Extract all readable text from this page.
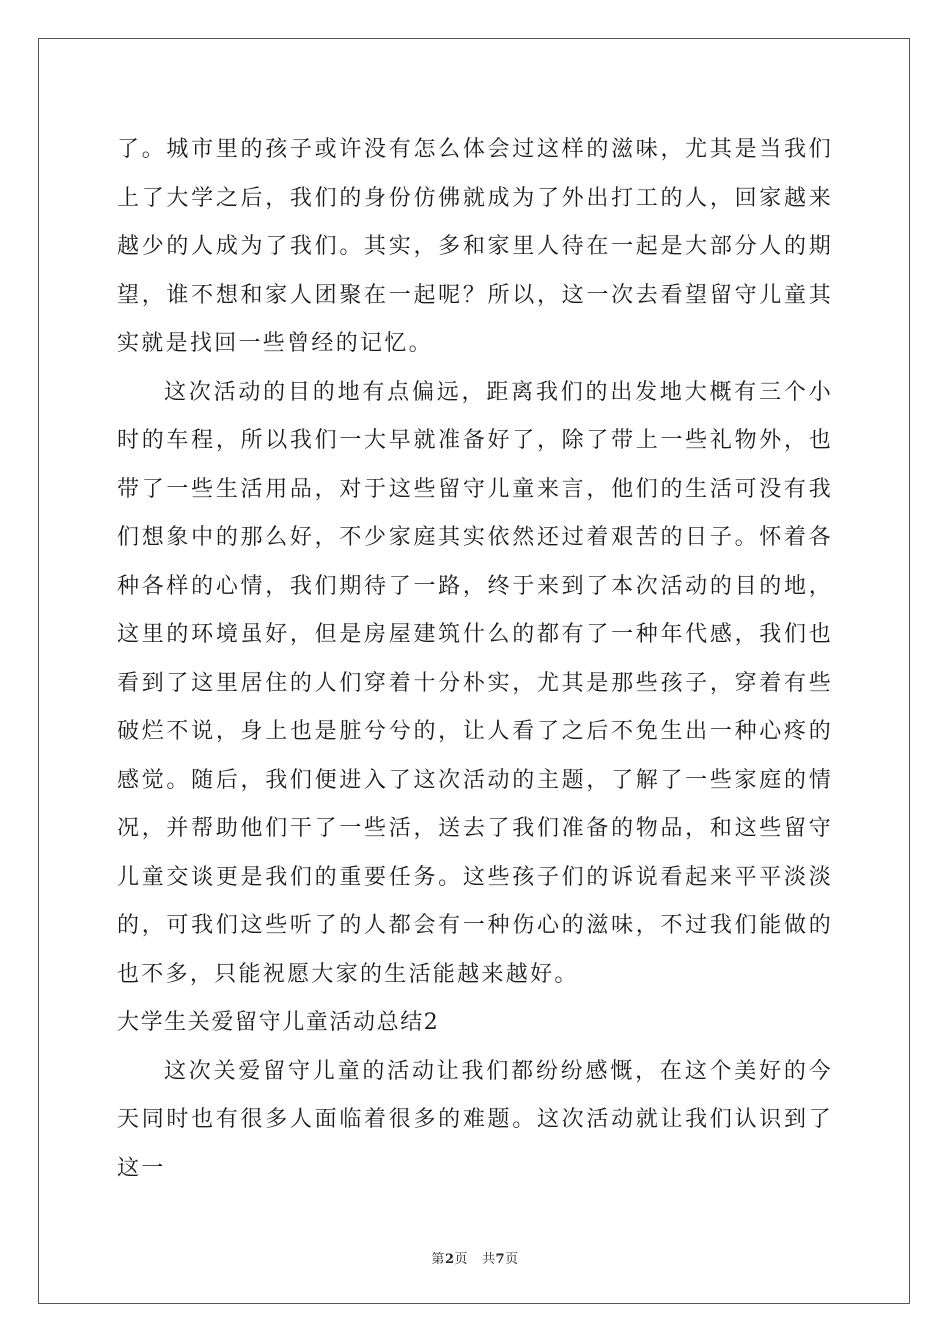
了。城市里的孩子或许没有怎么体会过这样的滋味，尤其是当我们上了大学之后，我们的身份仿佛就成为了外出打工的人，回家越来越少的人成为了我们。其实，多和家里人待在一起是大部分人的期望，谁不想和家人团聚在一起呢？所以，这一次去看望留守儿童其实就是找回一些曾经的记忆。

这次活动的目的地有点偏远，距离我们的出发地大概有三个小时的车程，所以我们一大早就准备好了，除了带上一些礼物外，也带了一些生活用品，对于这些留守儿童来言，他们的生活可没有我们想象中的那么好，不少家庭其实依然还过着艰苦的日子。怀着各种各样的心情，我们期待了一路，终于来到了本次活动的目的地，这里的环境虽好，但是房屋建筑什么的都有了一种年代感，我们也看到了这里居住的人们穿着十分朴实，尤其是那些孩子，穿着有些破烂不说，身上也是脏兮兮的，让人看了之后不免生出一种心疼的感觉。随后，我们便进入了这次活动的主题，了解了一些家庭的情况，并帮助他们干了一些活，送去了我们准备的物品，和这些留守儿童交谈更是我们的重要任务。这些孩子们的诉说看起来平平淡淡的，可我们这些听了的人都会有一种伤心的滋味，不过我们能做的也不多，只能祝愿大家的生活能越来越好。

大学生关爱留守儿童活动总结2

这次关爱留守儿童的活动让我们都纷纷感慨，在这个美好的今天同时也有很多人面临着很多的难题。这次活动就让我们认识到了这一

第2页 共7页
